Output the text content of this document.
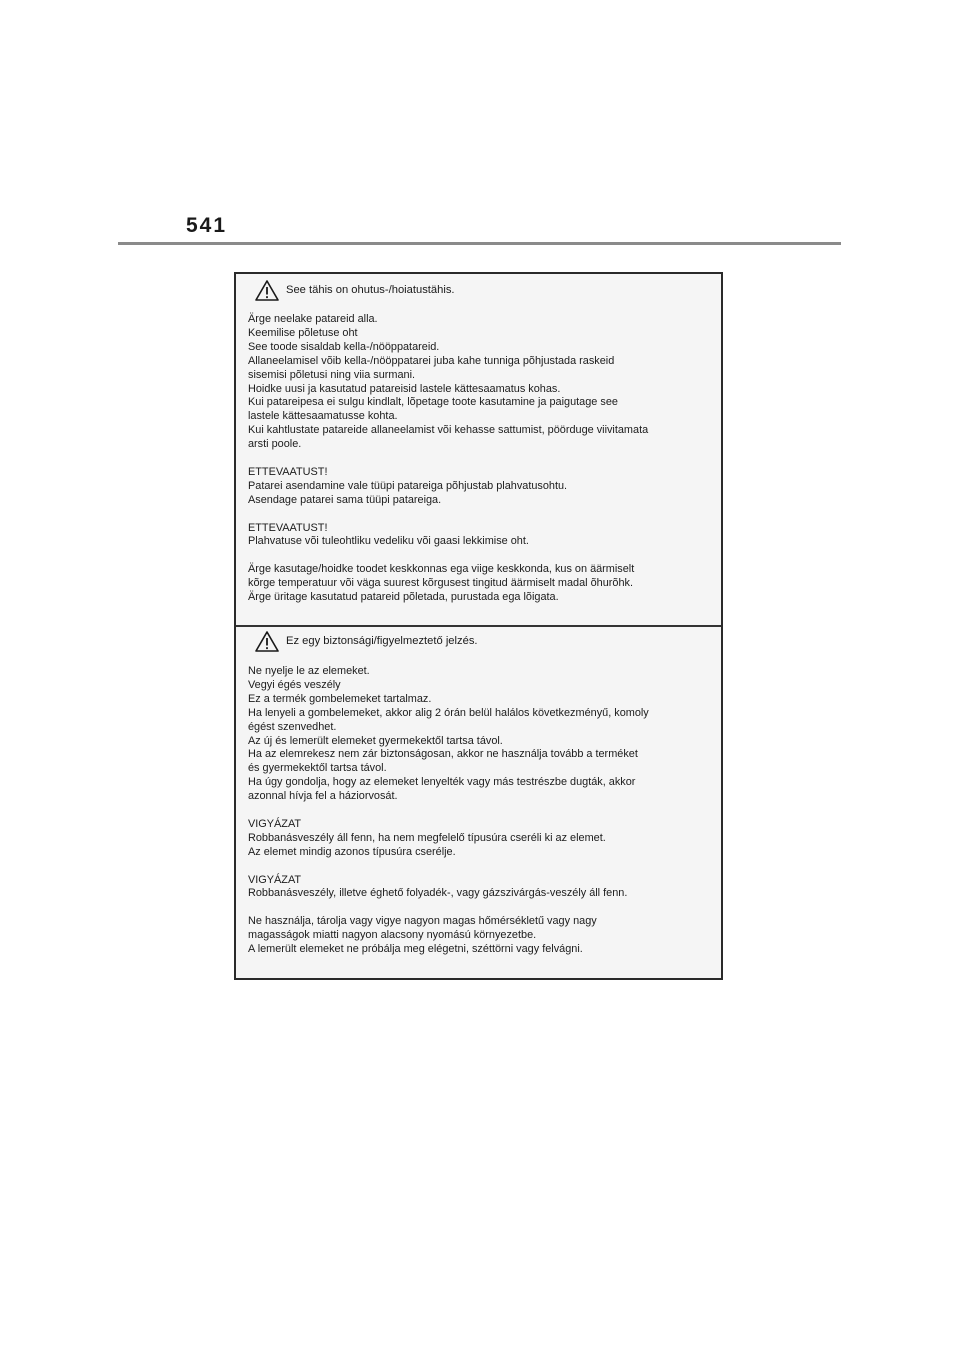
541
See tähis on ohutus-/hoiatustähis.

Ärge neelake patareid alla.
Keemilise põletuse oht
See toode sisaldab kella-/nööppatareid.
Allaneelamisel võib kella-/nööppatarei juba kahe tunniga põhjustada raskeid
sisemisi põletusi ning viia surmani.
Hoidke uusi ja kasutatud patareisid lastele kättesaamatus kohas.
Kui patareipesa ei sulgu kindlalt, lõpetage toote kasutamine ja paigutage see
lastele kättesaamatusse kohta.
Kui kahtlustate patareide allaneelamist või kehasse sattumist, pöörduge viivitamata
arsti poole.

ETTEVAATUST!
Patarei asendamine vale tüüpi patareiga põhjustab plahvatusohtu.
Asendage patarei sama tüüpi patareiga.

ETTEVAATUST!
Plahvatuse või tuleohtliku vedeliku või gaasi lekkimise oht.

Ärge kasutage/hoidke toodet keskkonnas ega viige keskkonda, kus on äärmiselt
kõrge temperatuur või väga suurest kõrgusest tingitud äärmiselt madal õhurõhk.
Ärge üritage kasutatud patareid põletada, purustada ega lõigata.

Ez egy biztonsági/figyelmeztető jelzés.

Ne nyelje le az elemeket.
Vegyi égés veszély
Ez a termék gombelemeket tartalmaz.
Ha lenyeli a gombelemeket, akkor alig 2 órán belül halálos következményű, komoly
égést szenvedhet.
Az új és lemerült elemeket gyermekektől tartsa távol.
Ha az elemrekesz nem zár biztonságosan, akkor ne használja tovább a terméket
és gyermekektől tartsa távol.
Ha úgy gondolja, hogy az elemeket lenyelték vagy más testrészbe dugták, akkor
azonnal hívja fel a háziorvosát.

VIGYÁZAT
Robbanásveszély áll fenn, ha nem megfelelő típusúra cseréli ki az elemet.
Az elemet mindig azonos típusúra cserélje.

VIGYÁZAT
Robbanásveszély, illetve éghető folyadék-, vagy gázszivárgás-veszély áll fenn.

Ne használja, tárolja vagy vigye nagyon magas hőmérsékletű vagy nagy
magasságok miatti nagyon alacsony nyomású környezetbe.
A lemerült elemeket ne próbálja meg elégetni, széttörni vagy felvágni.
